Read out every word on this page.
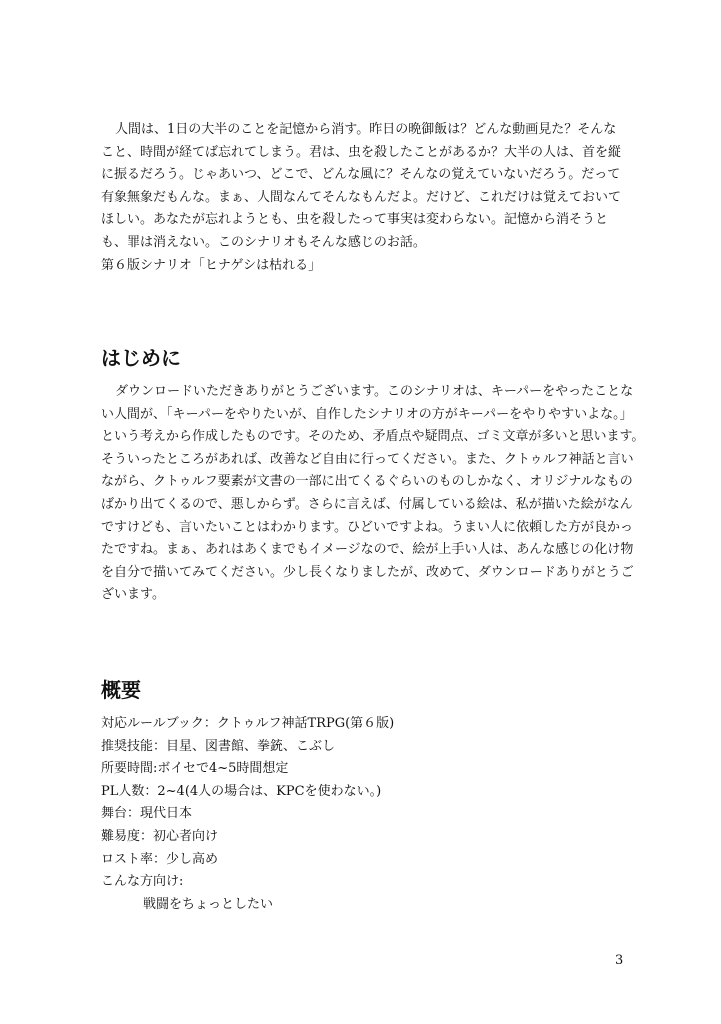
人間は、1日の大半のことを記憶から消す。昨日の晩御飯は？どんな動画見た？そんな
こと、時間が経てば忘れてしまう。君は、虫を殺したことがあるか？大半の人は、首を縦
に振るだろう。じゃあいつ、どこで、どんな風に？そんなの覚えていないだろう。だって
有象無象だもんな。まぁ、人間なんてそんなもんだよ。だけど、これだけは覚えておいて
ほしい。あなたが忘れようとも、虫を殺したって事実は変わらない。記憶から消そうと
も、罪は消えない。このシナリオもそんな感じのお話。
第６版シナリオ「ヒナゲシは枯れる」
はじめに
ダウンロードいただきありがとうございます。このシナリオは、キーパーをやったことな
い人間が、「キーパーをやりたいが、自作したシナリオの方がキーパーをやりやすいよな。」
という考えから作成したものです。そのため、矛盾点や疑問点、ゴミ文章が多いと思います。
そういったところがあれば、改善など自由に行ってください。また、クトゥルフ神話と言い
ながら、クトゥルフ要素が文書の一部に出てくるぐらいのものしかなく、オリジナルなもの
ばかり出てくるので、悪しからず。さらに言えば、付属している絵は、私が描いた絵がなん
ですけども、言いたいことはわかります。ひどいですよね。うまい人に依頼した方が良かっ
たですね。まぁ、あれはあくまでもイメージなので、絵が上手い人は、あんな感じの化け物
を自分で描いてみてください。少し長くなりましたが、改めて、ダウンロードありがとうご
ざいます。
概要
対応ルールブック：クトゥルフ神話TRPG(第６版)
推奨技能：目星、図書館、拳銃、こぶし
所要時間:ボイセで4~5時間想定
PL人数：2~4(4人の場合は、KPCを使わない。)
舞台：現代日本
難易度：初心者向け
ロスト率：少し高め
こんな方向け:
戦闘をちょっとしたい
3
